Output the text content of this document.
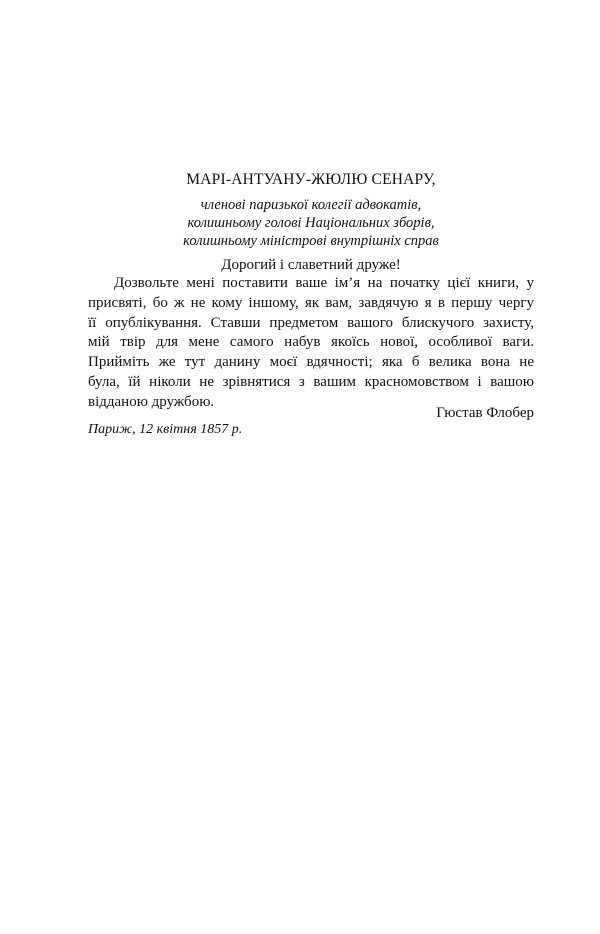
МАРІ-АНТУАНУ-ЖЮЛЮ СЕНАРУ,
членові паризької колегії адвокатів,
колишньому голові Національних зборів,
колишньому міністрові внутрішніх справ
Дорогий і славетний друже!
Дозвольте мені поставити ваше ім’я на початку цієї книги, у
присвяті, бо ж не кому іншому, як вам, завдячую я в першу чергу
її опублікування. Ставши предметом вашого блискучого захисту,
мій твір для мене самого набув якоїсь нової, особливої ваги.
Прийміть же тут данину моєї вдячності; яка б велика вона не
була, їй ніколи не зрівнятися з вашим красномовством і вашою
відданою дружбою.
Гюстав Флобер
Париж, 12 квітня 1857 р.
